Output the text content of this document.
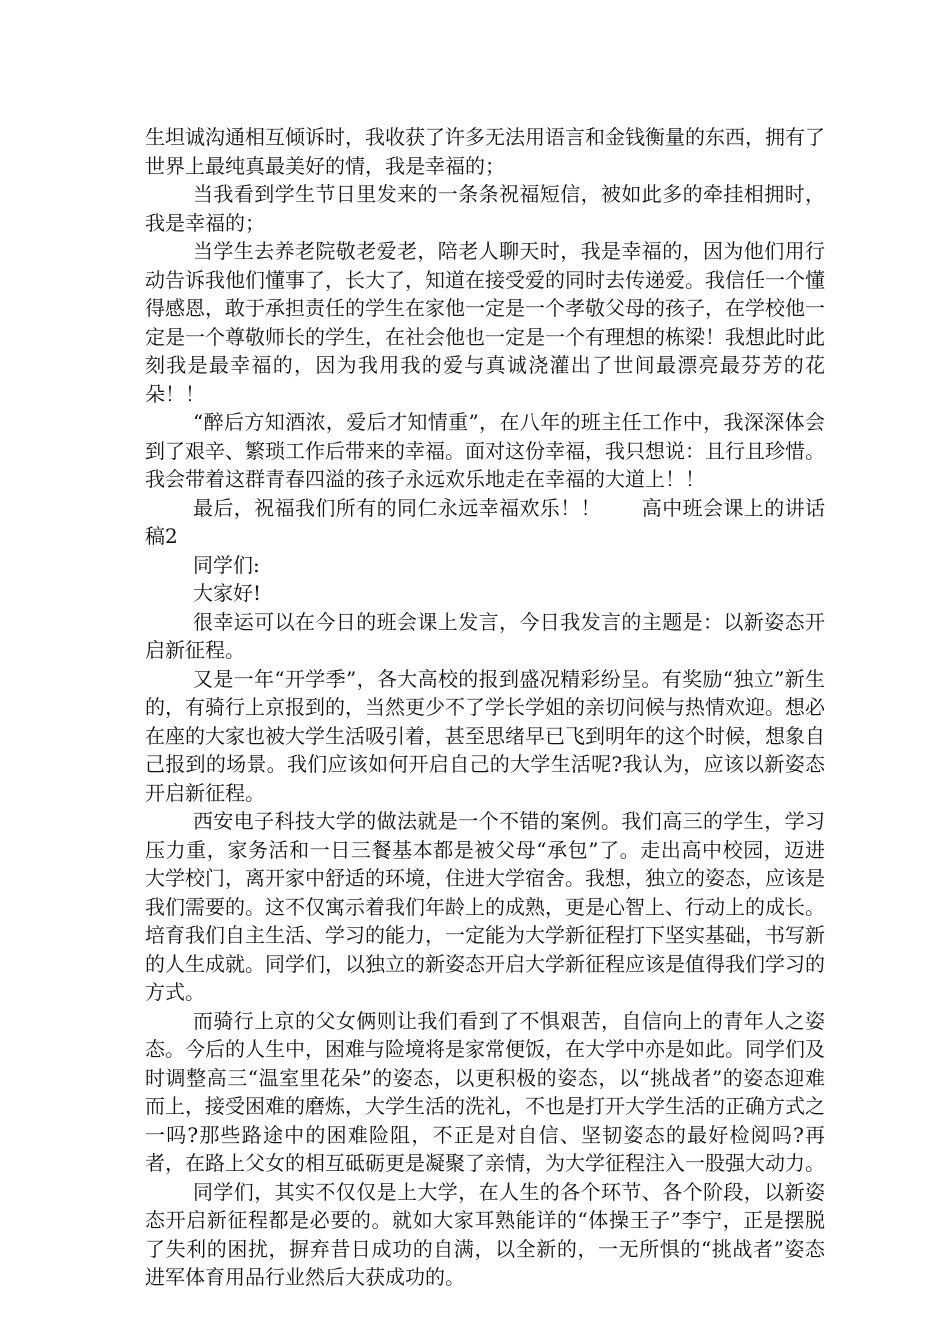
生坦诚沟通相互倾诉时，我收获了许多无法用语言和金钱衡量的东西，拥有了世界上最纯真最美好的情，我是幸福的；

当我看到学生节日里发来的一条条祝福短信，被如此多的牵挂相拥时，我是幸福的；

当学生去养老院敬老爱老，陪老人聊天时，我是幸福的，因为他们用行动告诉我他们懂事了，长大了，知道在接受爱的同时去传递爱。我信任一个懂得感恩，敢于承担责任的学生在家他一定是一个孝敬父母的孩子，在学校他一定是一个尊敬师长的学生，在社会他也一定是一个有理想的栋梁！我想此时此刻我是最幸福的，因为我用我的爱与真诚浇灌出了世间最漂亮最芬芳的花朵！！

“醉后方知酒浓，爱后才知情重”，在八年的班主任工作中，我深深体会到了艰辛、繁琐工作后带来的幸福。面对这份幸福，我只想说：且行且珍惜。我会带着这群青春四溢的孩子永远欢乐地走在幸福的大道上！！

最后，祝福我们所有的同仁永远幸福欢乐！！　　高中班会课上的讲话稿2

同学们:

大家好!

很幸运可以在今日的班会课上发言，今日我发言的主题是：以新姿态开启新征程。

又是一年“开学季”，各大高校的报到盛况精彩纷呈。有奖励“独立”新生的，有骑行上京报到的，当然更少不了学长学姐的亲切问候与热情欢迎。想必在座的大家也被大学生活吸引着，甚至思绪早已飞到明年的这个时候，想象自己报到的场景。我们应该如何开启自己的大学生活呢?我认为，应该以新姿态开启新征程。

西安电子科技大学的做法就是一个不错的案例。我们高三的学生，学习压力重，家务活和一日三餐基本都是被父母“承包”了。走出高中校园，迈进大学校门，离开家中舒适的环境，住进大学宿舍。我想，独立的姿态，应该是我们需要的。这不仅寓示着我们年龄上的成熟，更是心智上、行动上的成长。培育我们自主生活、学习的能力，一定能为大学新征程打下坚实基础，书写新的人生成就。同学们，以独立的新姿态开启大学新征程应该是值得我们学习的方式。

而骑行上京的父女俩则让我们看到了不惧艰苦，自信向上的青年人之姿态。今后的人生中，困难与险境将是家常便饭，在大学中亦是如此。同学们及时调整高三“温室里花朵”的姿态，以更积极的姿态，以“挑战者”的姿态迎难而上，接受困难的磨炼，大学生活的洗礼，不也是打开大学生活的正确方式之一吗?那些路途中的困难险阻，不正是对自信、坚韧姿态的最好检阅吗?再者，在路上父女的相互砥砺更是凝聚了亲情，为大学征程注入一股强大动力。

同学们，其实不仅仅是上大学，在人生的各个环节、各个阶段，以新姿态开启新征程都是必要的。就如大家耳熟能详的“体操王子”李宁，正是摆脱了失利的困扰，摒弃昔日成功的自满，以全新的，一无所惧的“挑战者”姿态进军体育用品行业然后大获成功的。
